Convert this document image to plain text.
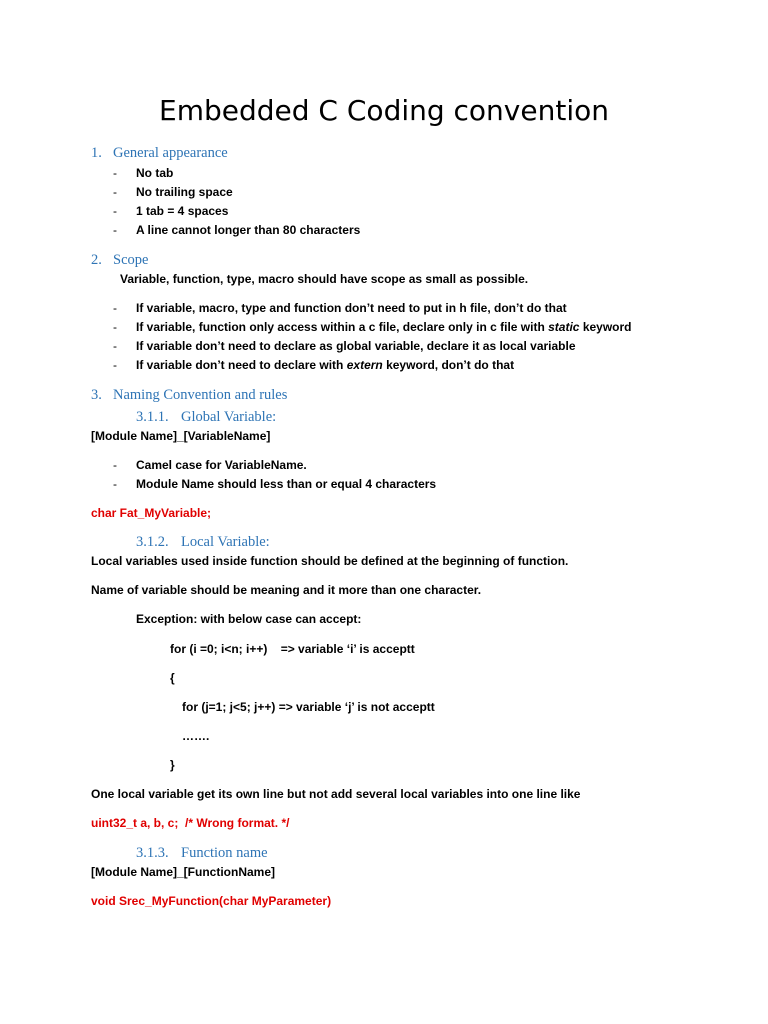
Embedded C Coding convention
1. General appearance
- No tab
- No trailing space
- 1 tab = 4 spaces
- A line cannot longer than 80 characters
2. Scope
Variable, function, type, macro should have scope as small as possible.
- If variable, macro, type and function don’t need to put in h file, don’t do that
- If variable, function only access within a c file, declare only in c file with static keyword
- If variable don’t need to declare as global variable, declare it as local variable
- If variable don’t need to declare with extern keyword, don’t do that
3. Naming Convention and rules
3.1.1. Global Variable:
[Module Name]_[VariableName]
- Camel case for VariableName.
- Module Name should less than or equal 4 characters
char Fat_MyVariable;
3.1.2. Local Variable:
Local variables used inside function should be defined at the beginning of function.
Name of variable should be meaning and it more than one character.
Exception: with below case can accept:
for (i =0; i<n; i++)    => variable ‘i’ is acceptt
{
for (j=1; j<5; j++) => variable ‘j’ is not acceptt
…….
}
One local variable get its own line but not add several local variables into one line like
uint32_t a, b, c;  /* Wrong format. */
3.1.3. Function name
[Module Name]_[FunctionName]
void Srec_MyFunction(char MyParameter)
